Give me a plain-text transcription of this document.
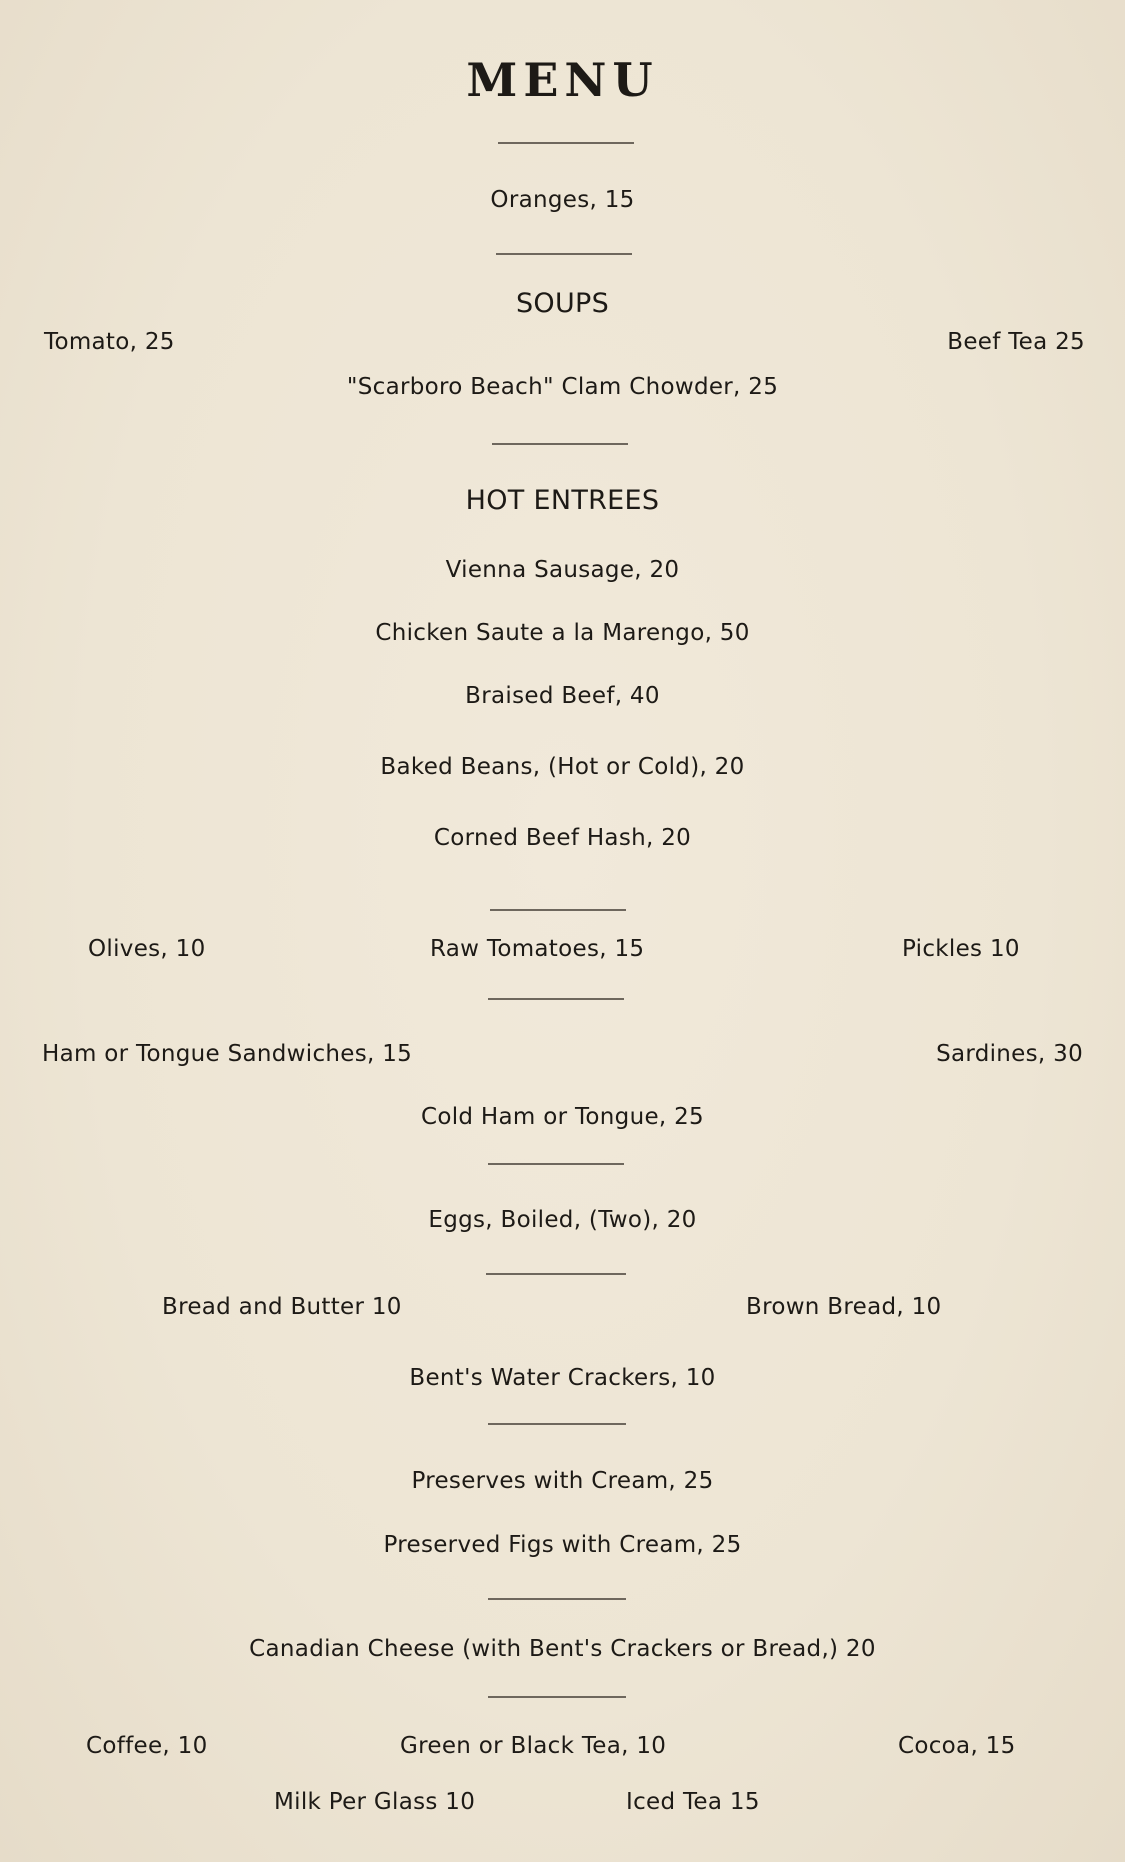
MENU
Oranges, 15
SOUPS
Tomato, 25	Beef Tea 25
"Scarboro Beach" Clam Chowder, 25
HOT ENTREES
Vienna Sausage, 20
Chicken Saute a la Marengo, 50
Braised Beef, 40
Baked Beans, (Hot or Cold), 20
Corned Beef Hash, 20
Olives, 10	Raw Tomatoes, 15	Pickles 10
Ham or Tongue Sandwiches, 15	Sardines, 30
Cold Ham or Tongue, 25
Eggs, Boiled, (Two), 20
Bread and Butter 10	Brown Bread, 10
Bent's Water Crackers, 10
Preserves with Cream, 25
Preserved Figs with Cream, 25
Canadian Cheese (with Bent's Crackers or Bread,) 20
Coffee, 10	Green or Black Tea, 10	Cocoa, 15
Milk Per Glass 10	Iced Tea 15
